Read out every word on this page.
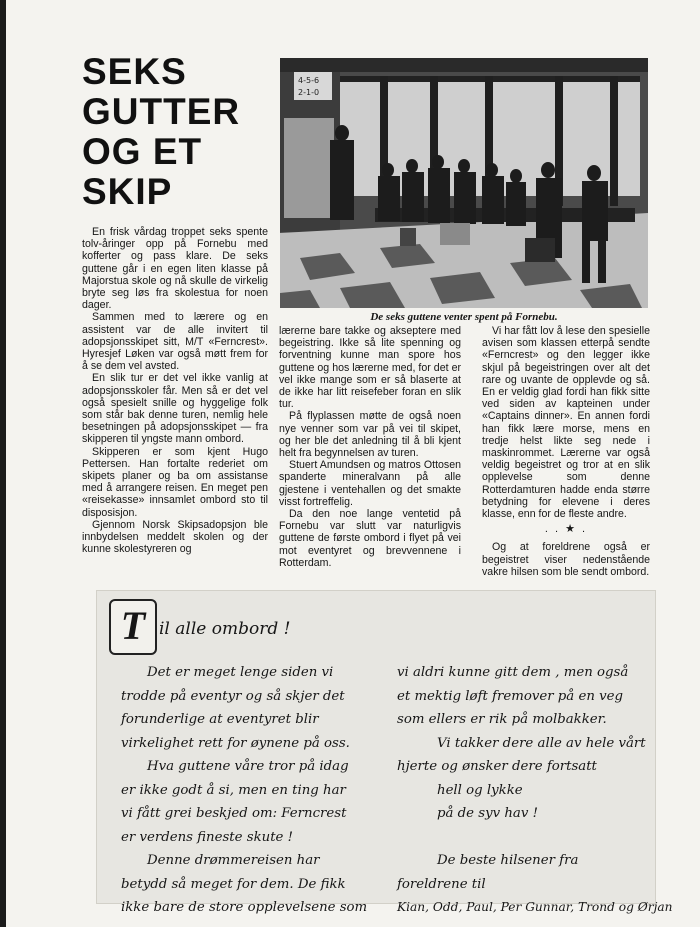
SEKS
GUTTER
OG ET
SKIP
4-5-6
2-1-0
De seks guttene venter spent på Fornebu.

En frisk vårdag troppet seks spente tolv-åringer opp på Fornebu med kofferter og pass klare. De seks guttene går i en egen liten klasse på Majorstua skole og nå skulle de virkelig bryte seg løs fra skolestua for noen dager.

Sammen med to lærere og en assistent var de alle invitert til adopsjonsskipet sitt, M/T «Ferncrest». Hyresjef Løken var også møtt frem for å se dem vel avsted.

En slik tur er det vel ikke vanlig at adopsjonsskoler får. Men så er det vel også spesielt snille og hyggelige folk som står bak denne turen, nemlig hele besetningen på adopsjonsskipet — fra skipperen til yngste mann ombord.

Skipperen er som kjent Hugo Pettersen. Han fortalte rederiet om skipets planer og ba om assistanse med å arrangere reisen. En meget pen «reisekasse» innsamlet ombord sto til disposisjon.

Gjennom Norsk Skipsadopsjon ble innbydelsen meddelt skolen og der kunne skolestyreren og

lærerne bare takke og akseptere med begeistring. Ikke så lite spenning og forventning kunne man spore hos guttene og hos lærerne med, for det er vel ikke mange som er så blaserte at de ikke har litt reisefeber foran en slik tur.

På flyplassen møtte de også noen nye venner som var på vei til skipet, og her ble det anledning til å bli kjent helt fra begynnelsen av turen.

Stuert Amundsen og matros Ottosen spanderte mineralvann på alle gjestene i ventehallen og det smakte visst fortreffelig.

Da den noe lange ventetid på Fornebu var slutt var naturligvis guttene de første ombord i flyet på vei mot eventyret og brevvennene i Rotterdam.

Vi har fått lov å lese den spesielle avisen som klassen etterpå sendte «Ferncrest» og den legger ikke skjul på begeistringen over alt det rare og uvante de opplevde og så. En er veldig glad fordi han fikk sitte ved siden av kapteinen under «Captains dinner». En annen fordi han fikk lære morse, mens en tredje helst likte seg nede i maskinrommet. Lærerne var også veldig begeistret og tror at en slik opplevelse som denne Rotterdamturen hadde enda større betydning for elevene i deres klasse, enn for de fleste andre.

. . ★ .

Og at foreldrene også er begeistret viser nedenstående vakre hilsen som ble sendt ombord.

T il alle ombord !
Det er meget lenge siden vi
trodde på eventyr og så skjer det
forunderlige at eventyret blir
virkelighet rett for øynene på oss.
Hva guttene våre tror på idag
er ikke godt å si, men en ting har
vi fått grei beskjed om: Ferncrest
er verdens fineste skute !
Denne drømmereisen har
betydd så meget for dem. De fikk
ikke bare de store opplevelsene som
vi aldri kunne gitt dem , men også
et mektig løft fremover på en veg
som ellers er rik på molbakker.
Vi takker dere alle av hele vårt
hjerte og ønsker dere fortsatt
hell og lykke
på de syv hav !

De beste hilsener fra
foreldrene til
Kian, Odd, Paul, Per Gunnar, Trond og Ørjan
